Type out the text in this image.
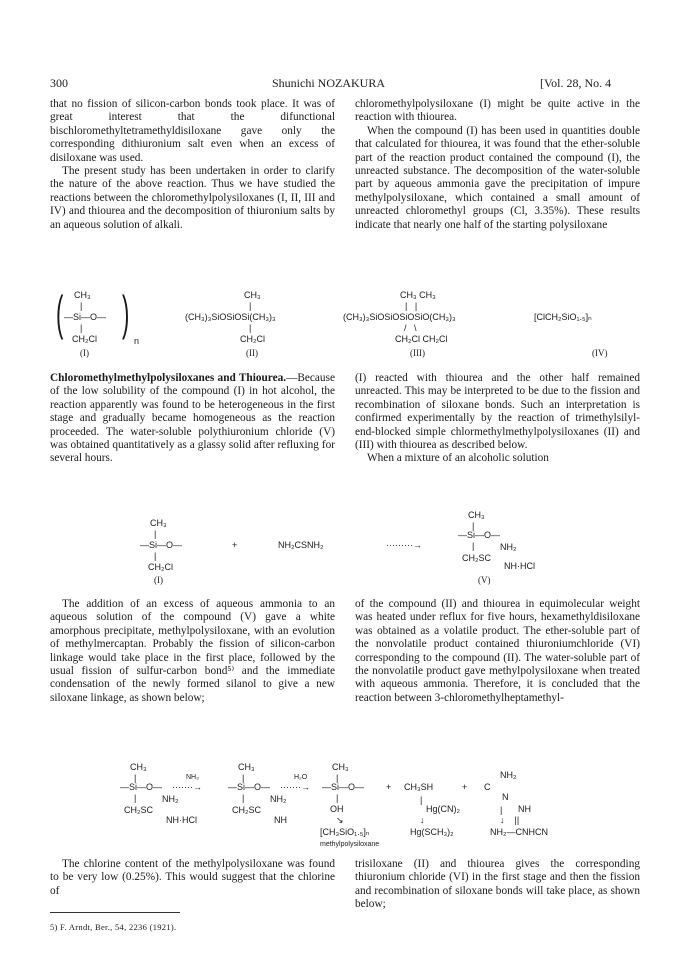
300	Shunichi NOZAKURA	[Vol. 28, No. 4

that no fission of silicon-carbon bonds took place. It was of great interest that the difunctional bischloromethyltetramethyldisiloxane gave only the corresponding dithiuronium salt even when an excess of disiloxane was used.

The present study has been undertaken in order to clarify the nature of the above reaction. Thus we have studied the reactions between the chloromethylpolysiloxanes (I, II, III and IV) and thiourea and the decomposition of thiuronium salts by an aqueous solution of alkali.

chloromethylpolysiloxane (I) might be quite active in the reaction with thiourea.

When the compound (I) has been used in quantities double that calculated for thiourea, it was found that the ether-soluble part of the reaction product contained the compound (I), the unreacted substance. The decomposition of the water-soluble part by aqueous ammonia gave the precipitation of impure methylpolysiloxane, which contained a small amount of unreacted chloromethyl groups (Cl, 3.35%). These results indicate that nearly one half of the starting polysiloxane

( CH₃
|
—Si—O—
|
CH₂Cl )
n
(I)
CH₃
|
(CH₃)₃SiOSiOSi(CH₃)₃
|
CH₂Cl
(II)
CH₃ CH₃
|   |
(CH₃)₃SiOSiOSiOSiO(CH₃)₃
/   \
CH₂Cl CH₂Cl
(III)
[ClCH₂SiO₁.₅]ₙ
(IV)

Chloromethylmethylpolysiloxanes and Thiourea.—Because of the low solubility of the compound (I) in hot alcohol, the reaction apparently was found to be heterogeneous in the first stage and gradually became homogeneous as the reaction proceeded. The water-soluble polythiuronium chloride (V) was obtained quantitatively as a glassy solid after refluxing for several hours.

(I) reacted with thiourea and the other half remained unreacted. This may be interpreted to be due to the fission and recombination of siloxane bonds. Such an interpretation is confirmed experimentally by the reaction of trimethylsilyl-end-blocked simple chlormethylmethylpolysiloxanes (II) and (III) with thiourea as described below.

When a mixture of an alcoholic solution

CH₃
|
—Si—O—
|
CH₂Cl
(I)
+	NH₂CSNH₂	·········→
CH₃
|
—Si—O—
|	NH₂
CH₂SC
NH·HCl
(V)

The addition of an excess of aqueous ammonia to an aqueous solution of the compound (V) gave a white amorphous precipitate, methylpolysiloxane, with an evolution of methylmercaptan. Probably the fission of silicon-carbon linkage would take place in the first place, followed by the usual fission of sulfur-carbon bond⁵⁾ and the immediate condensation of the newly formed silanol to give a new siloxane linkage, as shown below;

of the compound (II) and thiourea in equimolecular weight was heated under reflux for five hours, hexamethyldisiloxane was obtained as a volatile product. The ether-soluble part of the nonvolatile product contained thiuroniumchloride (VI) corresponding to the compound (II). The water-soluble part of the nonvolatile product gave methylpolysiloxane when treated with aqueous ammonia. Therefore, it is concluded that the reaction between 3-chloromethylheptamethyl-

CH₃
|
—Si—O—
|	NH₂
CH₂SC
NH·HCl
NH₃
·······→
CH₃
|
—Si—O—
|	NH₂
CH₂SC
NH
H₂O
·······→
CH₃
|
—Si—O—
|
OH
↘
[CH₃SiO₁.₅]ₙ
methylpolysiloxane
+ CH₃SH
|
Hg(CN)₂
↓
Hg(SCH₃)₂
+
NH₂
C
N
| NH
↓    ||
NH₂—CNHCN

The chlorine content of the methylpolysiloxane was found to be very low (0.25%). This would suggest that the chlorine of

trisiloxane (II) and thiourea gives the corresponding thiuronium chloride (VI) in the first stage and then the fission and recombination of siloxane bonds will take place, as shown below;

5) F. Arndt, Ber., 54, 2236 (1921).
